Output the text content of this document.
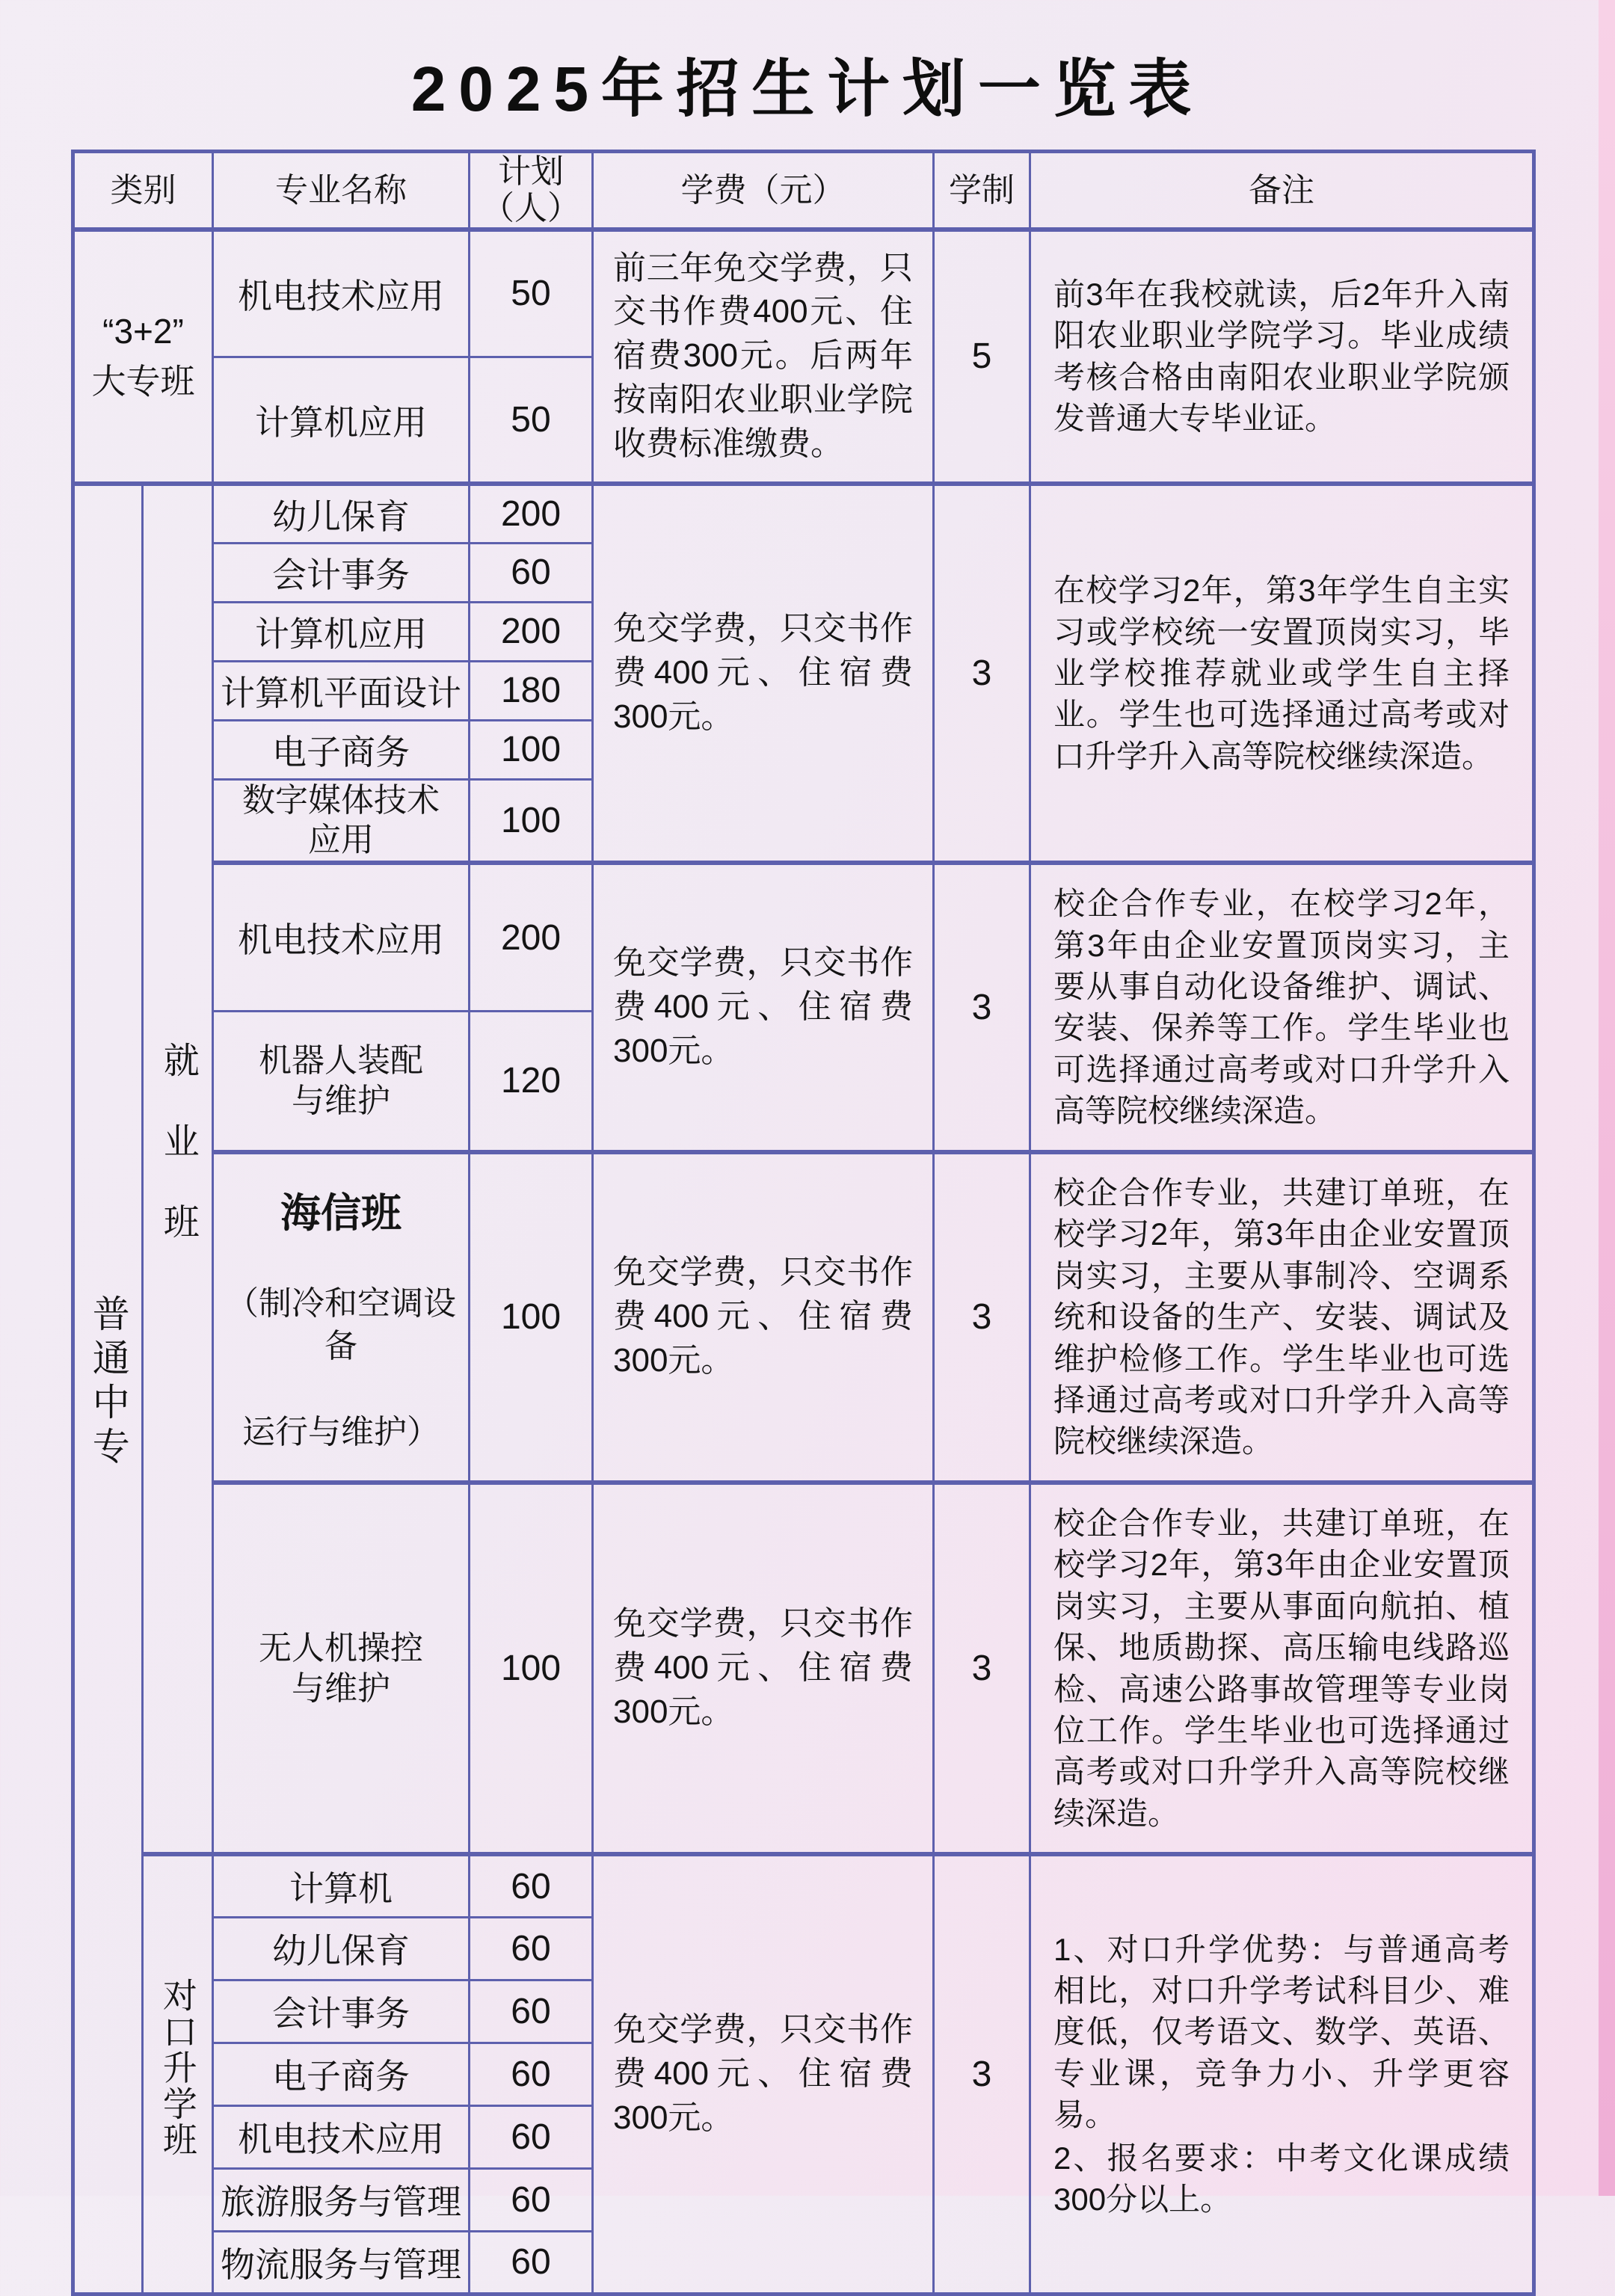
2025年招生计划一览表
类别		专业名称	计划
（人）	学费（元）	学制	备注

“3+2”
大专班		机电技术应用	50	前三年免交学费，只交书作费400元、住宿费300元。后两年按南阳农业职业学院收费标准缴费。	5	前3年在我校就读，后2年升入南阳农业职业学院学习。毕业成绩考核合格由南阳农业职业学院颁发普通大专毕业证。
		计算机应用	50			
普通中专	就业班	幼儿保育	200	免交学费，只交书作费400元、住宿费300元。	3	在校学习2年，第3年学生自主实习或学校统一安置顶岗实习，毕业学校推荐就业或学生自主择业。学生也可选择通过高考或对口升学升入高等院校继续深造。
		会计事务	60			
		计算机应用	200			
		计算机平面设计	180			
		电子商务	100			

		数字媒体技术
应用	100			
		机电技术应用	200	免交学费，只交书作费400元、住宿费300元。	3	校企合作专业，在校学习2年，第3年由企业安置顶岗实习，主要从事自动化设备维护、调试、安装、保养等工作。学生毕业也可选择通过高考或对口升学升入高等院校继续深造。

		机器人装配
与维护	120			

		海信班
（制冷和空调设备
运行与维护）	100	免交学费，只交书作费400元、住宿费300元。	3	校企合作专业，共建订单班，在校学习2年，第3年由企业安置顶岗实习，主要从事制冷、空调系统和设备的生产、安装、调试及维护检修工作。学生毕业也可选择通过高考或对口升学升入高等院校继续深造。

		无人机操控
与维护	100	免交学费，只交书作费400元、住宿费300元。	3	校企合作专业，共建订单班，在校学习2年，第3年由企业安置顶岗实习，主要从事面向航拍、植保、地质勘探、高压输电线路巡检、高速公路事故管理等专业岗位工作。学生毕业也可选择通过高考或对口升学升入高等院校继续深造。
	对口升学班	计算机	60	免交学费，只交书作费400元、住宿费300元。	3	1、对口升学优势：与普通高考相比，对口升学考试科目少、难度低，仅考语文、数学、英语、专业课，竞争力小、升学更容易。
2、报名要求：中考文化课成绩300分以上。

		幼儿保育	60			
		会计事务	60			
		电子商务	60			
		机电技术应用	60			
		旅游服务与管理	60			
		物流服务与管理	60			
